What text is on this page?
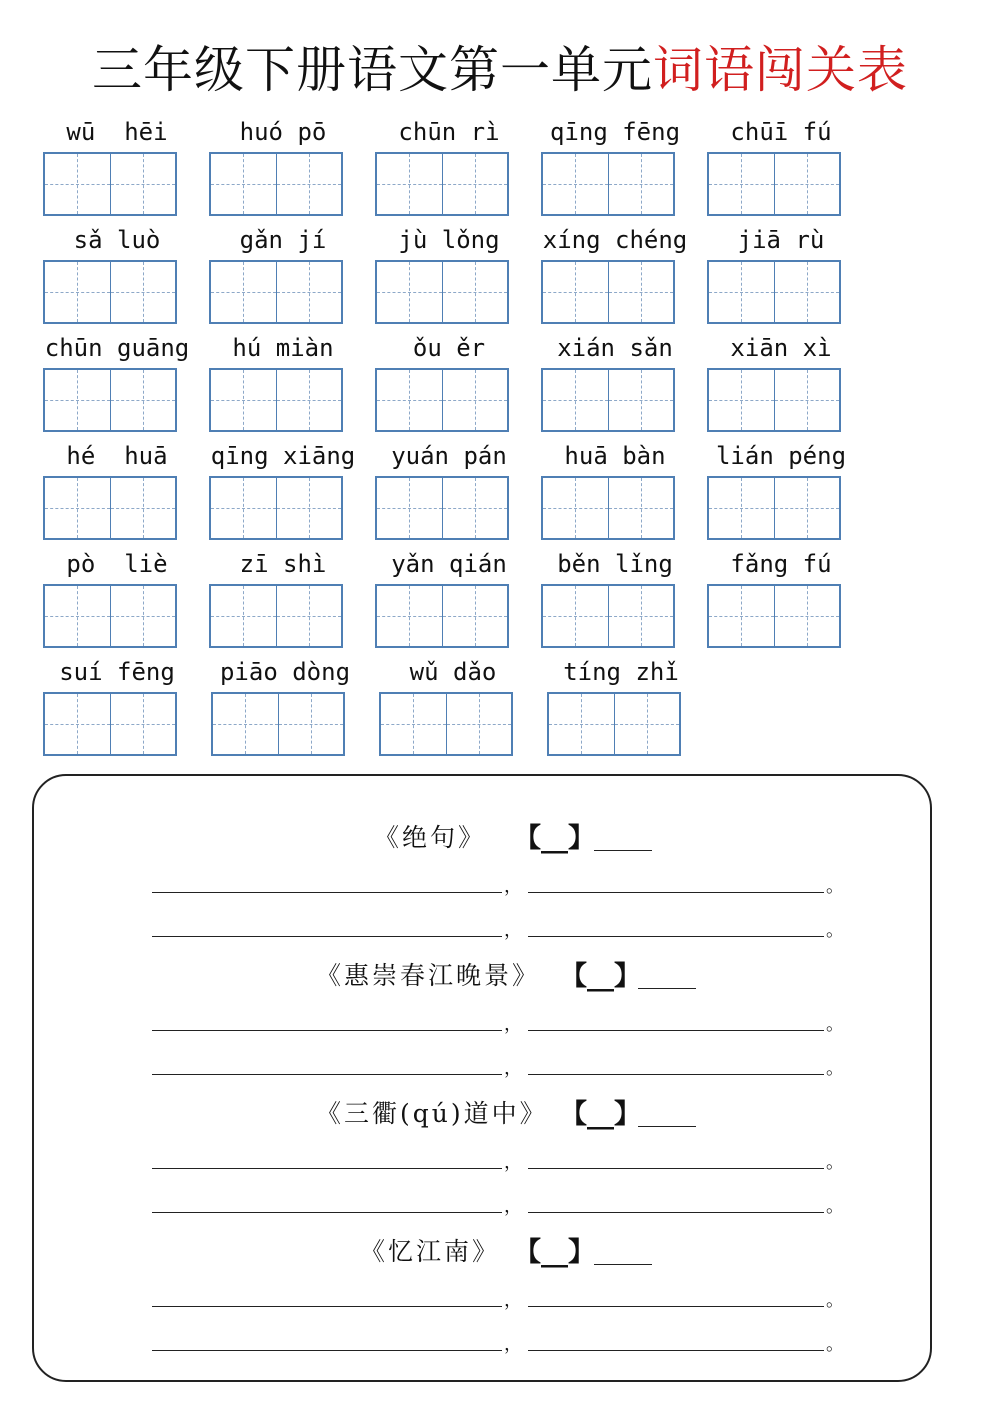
三年级下册语文第一单元词语闯关表
wū  hēi	huó pō	chūn rì	qīng fēng	chūī fú
sǎ luò	gǎn jí	jù lǒng	xíng chéng	jiā rù
chūn guāng	hú miàn	ǒu ěr	xián sǎn	xiān xì
hé  huā	qīng xiāng	yuán pán	huā bàn	lián péng
pò  liè	zī shì	yǎn qián	běn lǐng	fǎng fú
suí fēng	piāo dòng	wǔ dǎo	tíng zhǐ
《绝句》 【__】
，	。
，	。
《惠崇春江晚景》 【__】
，	。
，	。
《三衢(qú)道中》 【__】
，	。
，	。
《忆江南》 【__】
，	。
，	。
